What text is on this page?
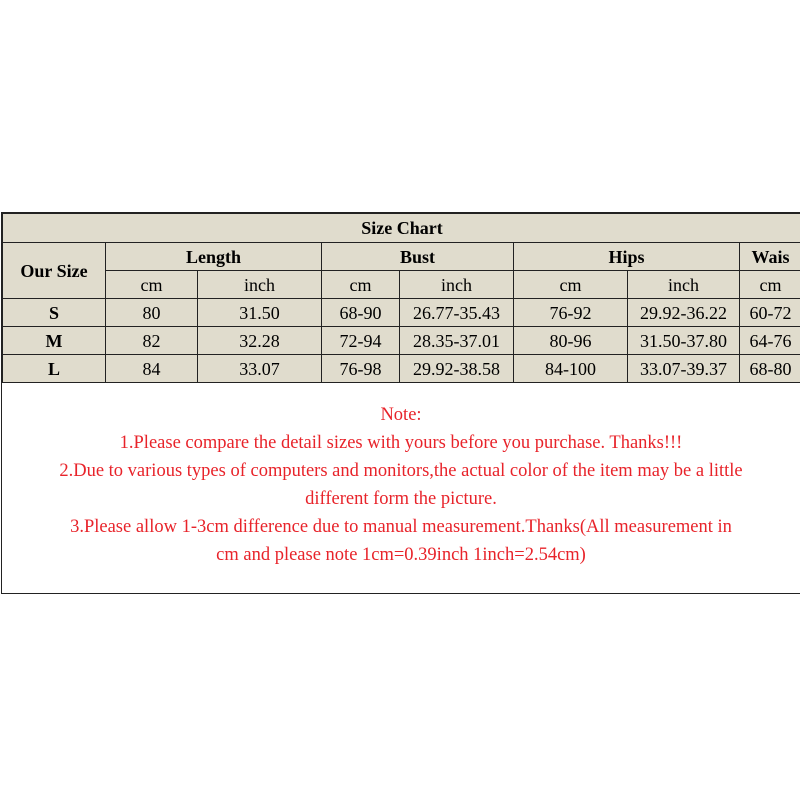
Size Chart							
Our Size	Length		Bust		Hips		Wais
	cm	inch	cm	inch	cm	inch	cm
S	80	31.50	68-90	26.77-35.43	76-92	29.92-36.22	60-72
M	82	32.28	72-94	28.35-37.01	80-96	31.50-37.80	64-76
L	84	33.07	76-98	29.92-38.58	84-100	33.07-39.37	68-80
Note:
1.Please compare the detail sizes with yours before you purchase. Thanks!!!
2.Due to various types of computers and monitors,the actual color of the item may be a little
different form the picture.
3.Please allow 1-3cm difference due to manual measurement.Thanks(All measurement in
cm and please note 1cm=0.39inch 1inch=2.54cm)
